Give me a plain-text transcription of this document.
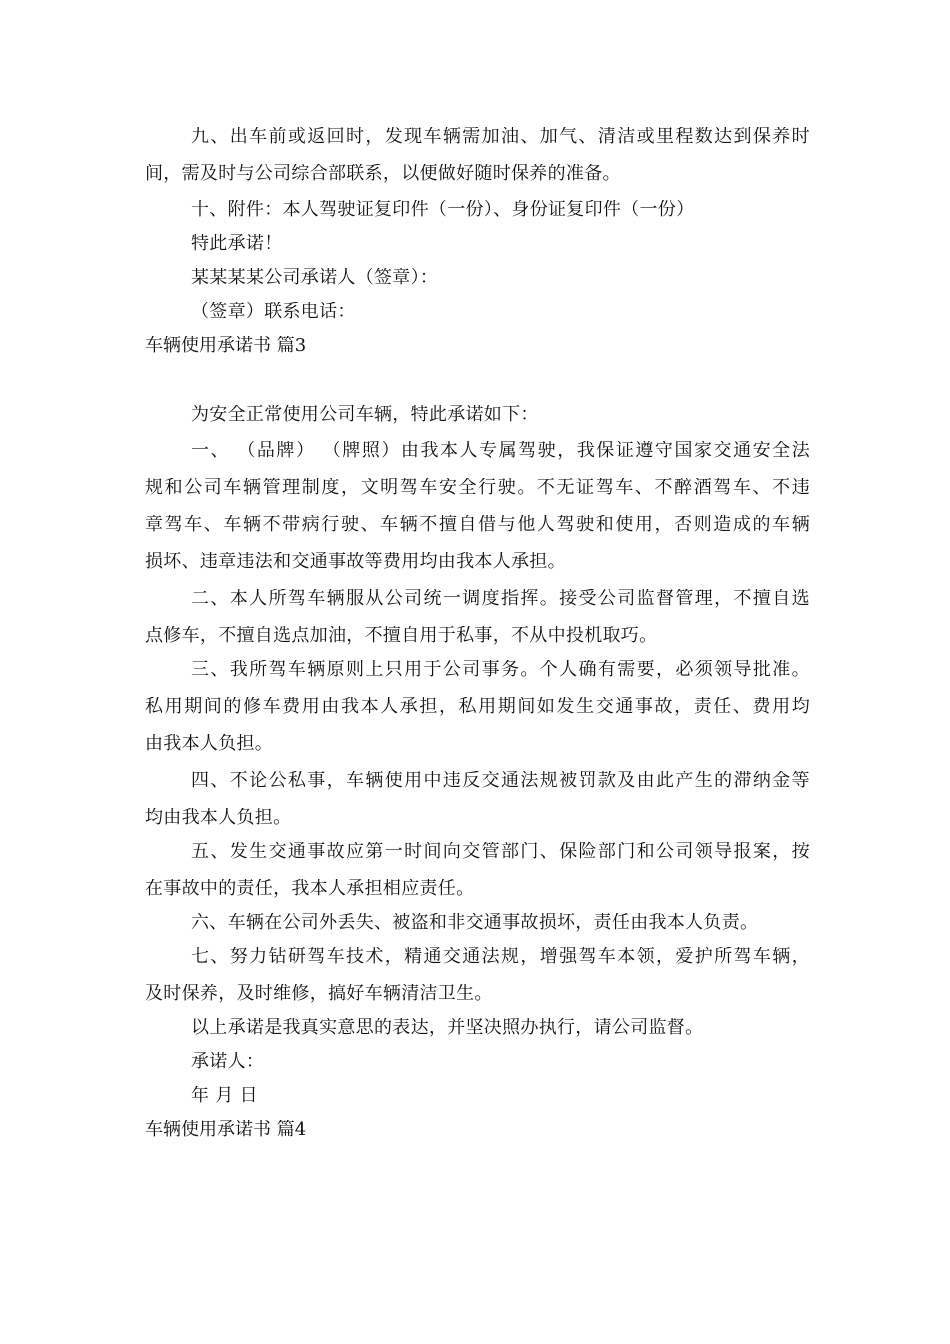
九、出车前或返回时，发现车辆需加油、加气、清洁或里程数达到保养时
间，需及时与公司综合部联系，以便做好随时保养的准备。
十、附件：本人驾驶证复印件（一份）、身份证复印件（一份）
特此承诺！
某某某某公司承诺人（签章）：
（签章）联系电话：
车辆使用承诺书 篇3
为安全正常使用公司车辆，特此承诺如下：
一、 （品牌） （牌照）由我本人专属驾驶，我保证遵守国家交通安全法
规和公司车辆管理制度，文明驾车安全行驶。不无证驾车、不醉酒驾车、不违
章驾车、车辆不带病行驶、车辆不擅自借与他人驾驶和使用，否则造成的车辆
损坏、违章违法和交通事故等费用均由我本人承担。
二、本人所驾车辆服从公司统一调度指挥。接受公司监督管理，不擅自选
点修车，不擅自选点加油，不擅自用于私事，不从中投机取巧。
三、我所驾车辆原则上只用于公司事务。个人确有需要，必须领导批准。
私用期间的修车费用由我本人承担，私用期间如发生交通事故，责任、费用均
由我本人负担。
四、不论公私事，车辆使用中违反交通法规被罚款及由此产生的滞纳金等
均由我本人负担。
五、发生交通事故应第一时间向交管部门、保险部门和公司领导报案，按
在事故中的责任，我本人承担相应责任。
六、车辆在公司外丢失、被盗和非交通事故损坏，责任由我本人负责。
七、努力钻研驾车技术，精通交通法规，增强驾车本领，爱护所驾车辆，
及时保养，及时维修，搞好车辆清洁卫生。
以上承诺是我真实意思的表达，并坚决照办执行，请公司监督。
承诺人：
年 月 日
车辆使用承诺书 篇4
